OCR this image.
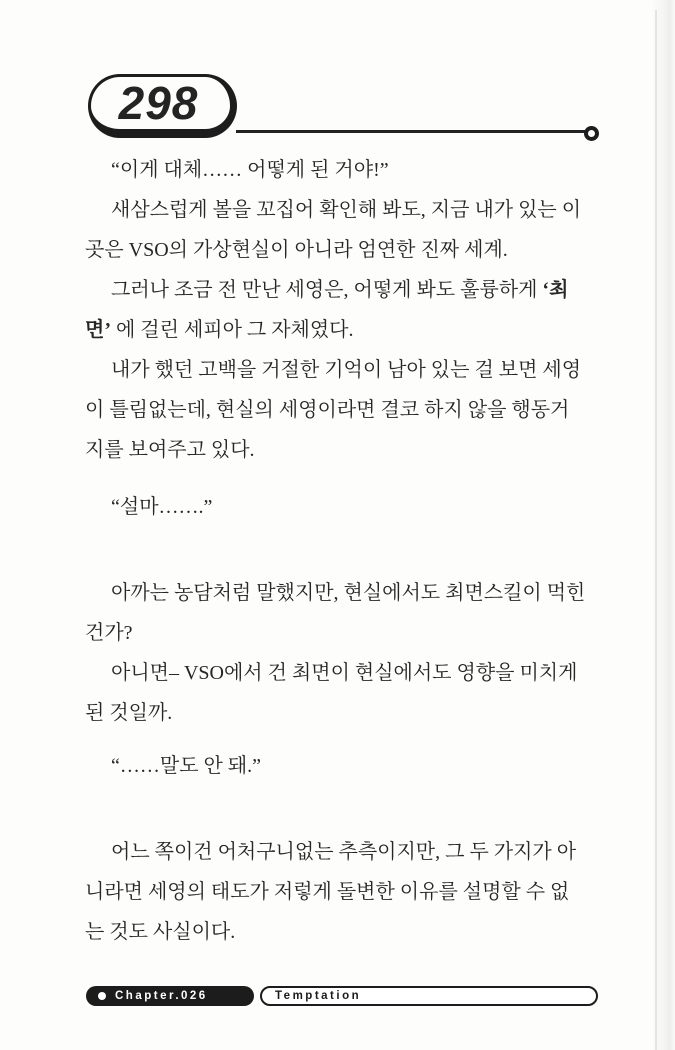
298
“이게 대체…… 어떻게 된 거야!”
새삼스럽게 볼을 꼬집어 확인해 봐도, 지금 내가 있는 이
곳은 VSO의 가상현실이 아니라 엄연한 진짜 세계.
그러나 조금 전 만난 세영은, 어떻게 봐도 훌륭하게 ‘최
면’ 에 걸린 세피아 그 자체였다.
내가 했던 고백을 거절한 기억이 남아 있는 걸 보면 세영
이 틀림없는데, 현실의 세영이라면 결코 하지 않을 행동거
지를 보여주고 있다.
“설마…….”
아까는 농담처럼 말했지만, 현실에서도 최면스킬이 먹힌
건가?
아니면– VSO에서 건 최면이 현실에서도 영향을 미치게
된 것일까.
“……말도 안 돼.”
어느 쪽이건 어처구니없는 추측이지만, 그 두 가지가 아
니라면 세영의 태도가 저렇게 돌변한 이유를 설명할 수 없
는 것도 사실이다.
Chapter.026	Temptation
